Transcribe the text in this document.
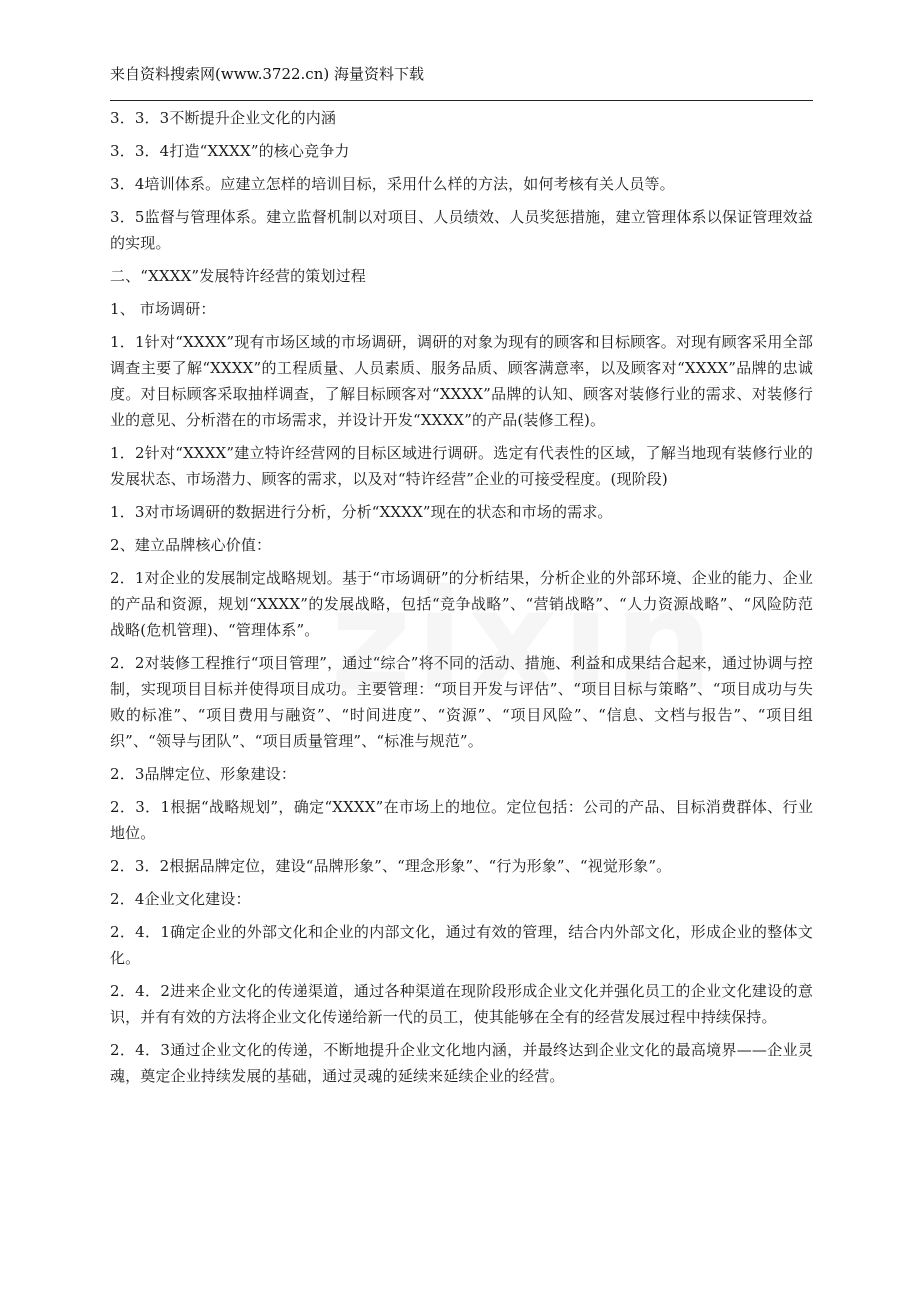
来自资料搜索网(www.3722.cn) 海量资料下载

3．3．3不断提升企业文化的内涵

3．3．4打造“XXXX”的核心竞争力

3．4培训体系。应建立怎样的培训目标，采用什么样的方法，如何考核有关人员等。

3．5监督与管理体系。建立监督机制以对项目、人员绩效、人员奖惩措施，建立管理体系以保证管理效益的实现。

二、“XXXX”发展特许经营的策划过程

1、 市场调研：

1．1针对“XXXX”现有市场区域的市场调研，调研的对象为现有的顾客和目标顾客。对现有顾客采用全部调查主要了解“XXXX”的工程质量、人员素质、服务品质、顾客满意率，以及顾客对“XXXX”品牌的忠诚度。对目标顾客采取抽样调查，了解目标顾客对“XXXX”品牌的认知、顾客对装修行业的需求、对装修行业的意见、分析潜在的市场需求，并设计开发“XXXX”的产品(装修工程)。

1．2针对“XXXX”建立特许经营网的目标区域进行调研。选定有代表性的区域，了解当地现有装修行业的发展状态、市场潜力、顾客的需求，以及对“特许经营”企业的可接受程度。(现阶段)

1．3对市场调研的数据进行分析，分析“XXXX”现在的状态和市场的需求。

2、建立品牌核心价值：

2．1对企业的发展制定战略规划。基于“市场调研”的分析结果，分析企业的外部环境、企业的能力、企业的产品和资源，规划“XXXX”的发展战略，包括“竞争战略”、“营销战略”、“人力资源战略”、“风险防范战略(危机管理)、“管理体系”。

2．2对装修工程推行“项目管理”，通过“综合”将不同的活动、措施、利益和成果结合起来，通过协调与控制，实现项目目标并使得项目成功。主要管理：“项目开发与评估”、“项目目标与策略”、“项目成功与失败的标准”、“项目费用与融资”、“时间进度”、“资源”、“项目风险”、“信息、文档与报告”、“项目组织”、“领导与团队”、“项目质量管理”、“标准与规范”。

2．3品牌定位、形象建设：

2．3．1根据“战略规划”，确定“XXXX”在市场上的地位。定位包括：公司的产品、目标消费群体、行业地位。

2．3．2根据品牌定位，建设“品牌形象”、“理念形象”、“行为形象”、“视觉形象”。

2．4企业文化建设：

2．4．1确定企业的外部文化和企业的内部文化，通过有效的管理，结合内外部文化，形成企业的整体文化。

2．4．2进来企业文化的传递渠道，通过各种渠道在现阶段形成企业文化并强化员工的企业文化建设的意识，并有有效的方法将企业文化传递给新一代的员工，使其能够在全有的经营发展过程中持续保持。

2．4．3通过企业文化的传递，不断地提升企业文化地内涵，并最终达到企业文化的最高境界——企业灵魂，奠定企业持续发展的基础，通过灵魂的延续来延续企业的经营。
